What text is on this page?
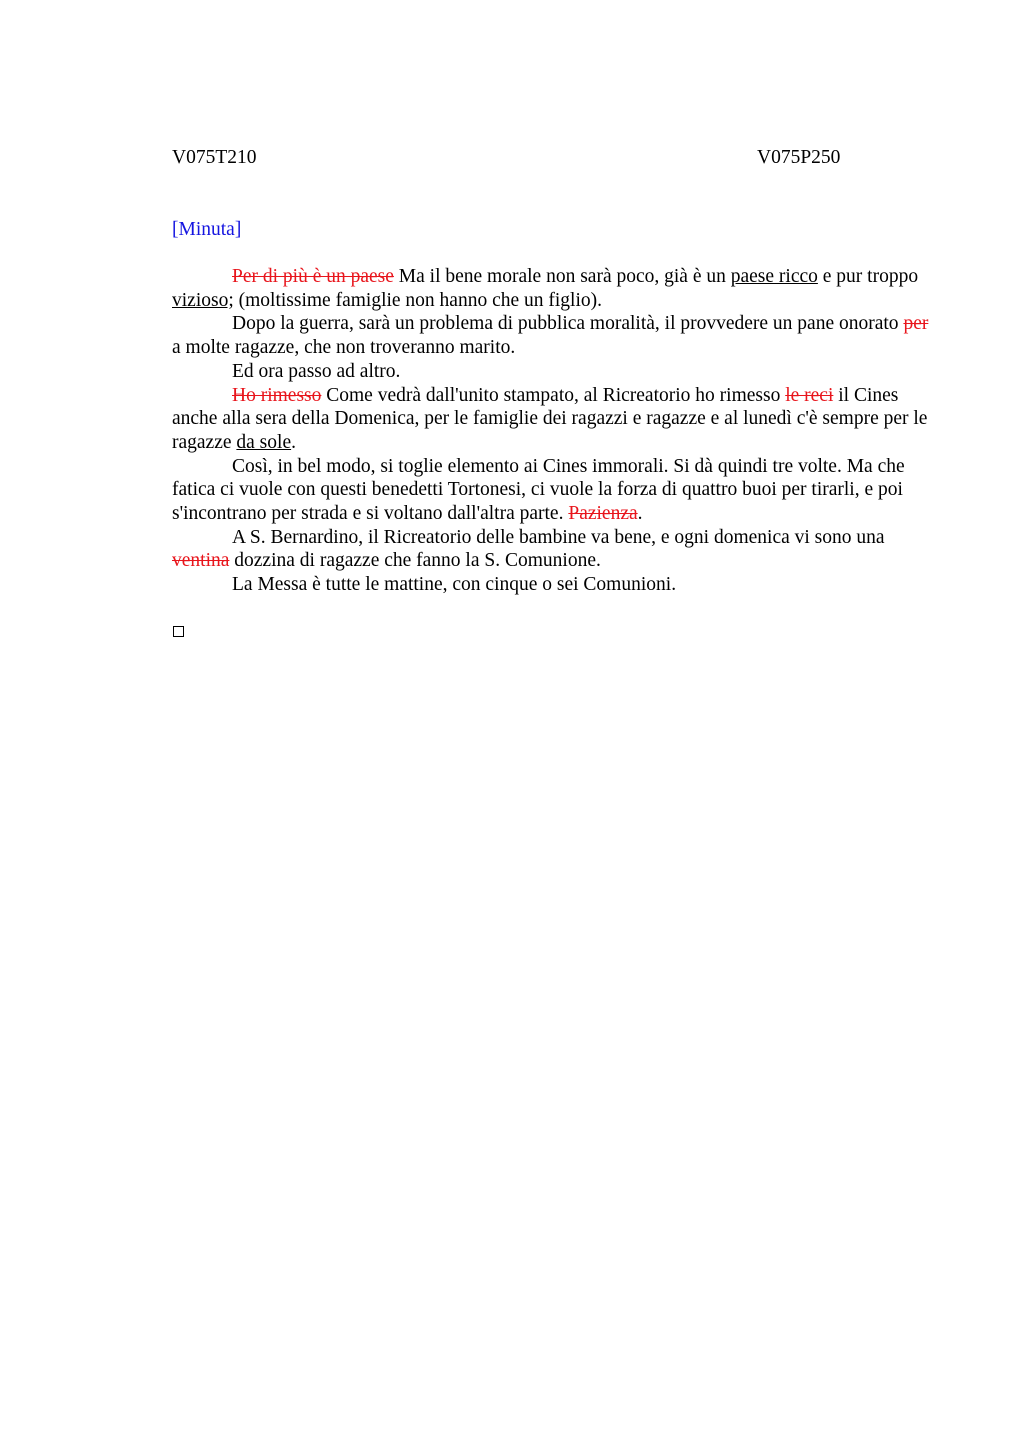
V075T210	V075P250
[Minuta]

Per di più è un paese Ma il bene morale non sarà poco, già è un paese ricco e pur troppo vizioso; (moltissime famiglie non hanno che un figlio).

Dopo la guerra, sarà un problema di pubblica moralità, il provvedere un pane onorato per a molte ragazze, che non troveranno marito.

Ed ora passo ad altro.

Ho rimesso Come vedrà dall'unito stampato, al Ricreatorio ho rimesso le reci il Cines anche alla sera della Domenica, per le famiglie dei ragazzi e ragazze e al lunedì c'è sempre per le ragazze da sole.

Così, in bel modo, si toglie elemento ai Cines immorali. Si dà quindi tre volte. Ma che fatica ci vuole con questi benedetti Tortonesi, ci vuole la forza di quattro buoi per tirarli, e poi s'incontrano per strada e si voltano dall'altra parte. Pazienza.

A S. Bernardino, il Ricreatorio delle bambine va bene, e ogni domenica vi sono una ventina dozzina di ragazze che fanno la S. Comunione.

La Messa è tutte le mattine, con cinque o sei Comunioni.
